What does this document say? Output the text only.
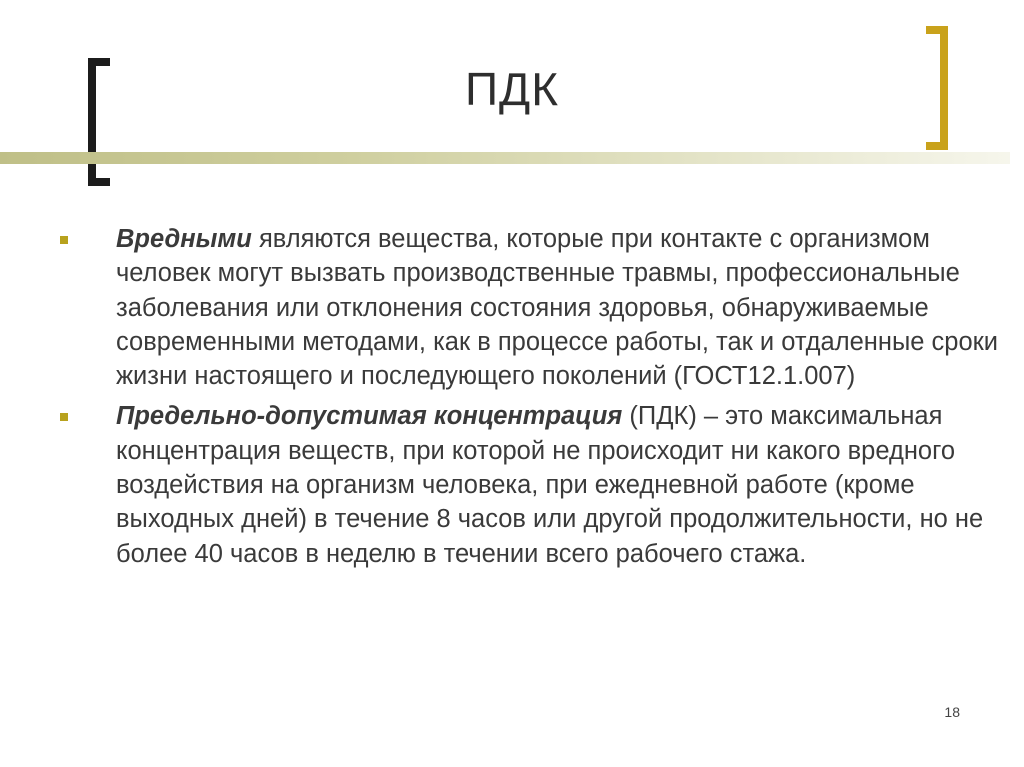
ПДК
Вредными являются вещества, которые при контакте с организмом человек могут вызвать производственные травмы, профессиональные заболевания или отклонения состояния здоровья, обнаруживаемые современными методами, как в процессе работы, так и отдаленные сроки жизни настоящего и последующего поколений (ГОСТ12.1.007)
Предельно-допустимая концентрация (ПДК) – это максимальная концентрация веществ, при которой не происходит ни какого вредного воздействия на организм человека, при ежедневной работе (кроме выходных дней) в течение 8 часов или другой продолжительности, но не более 40 часов в неделю в течении всего рабочего стажа.
18
